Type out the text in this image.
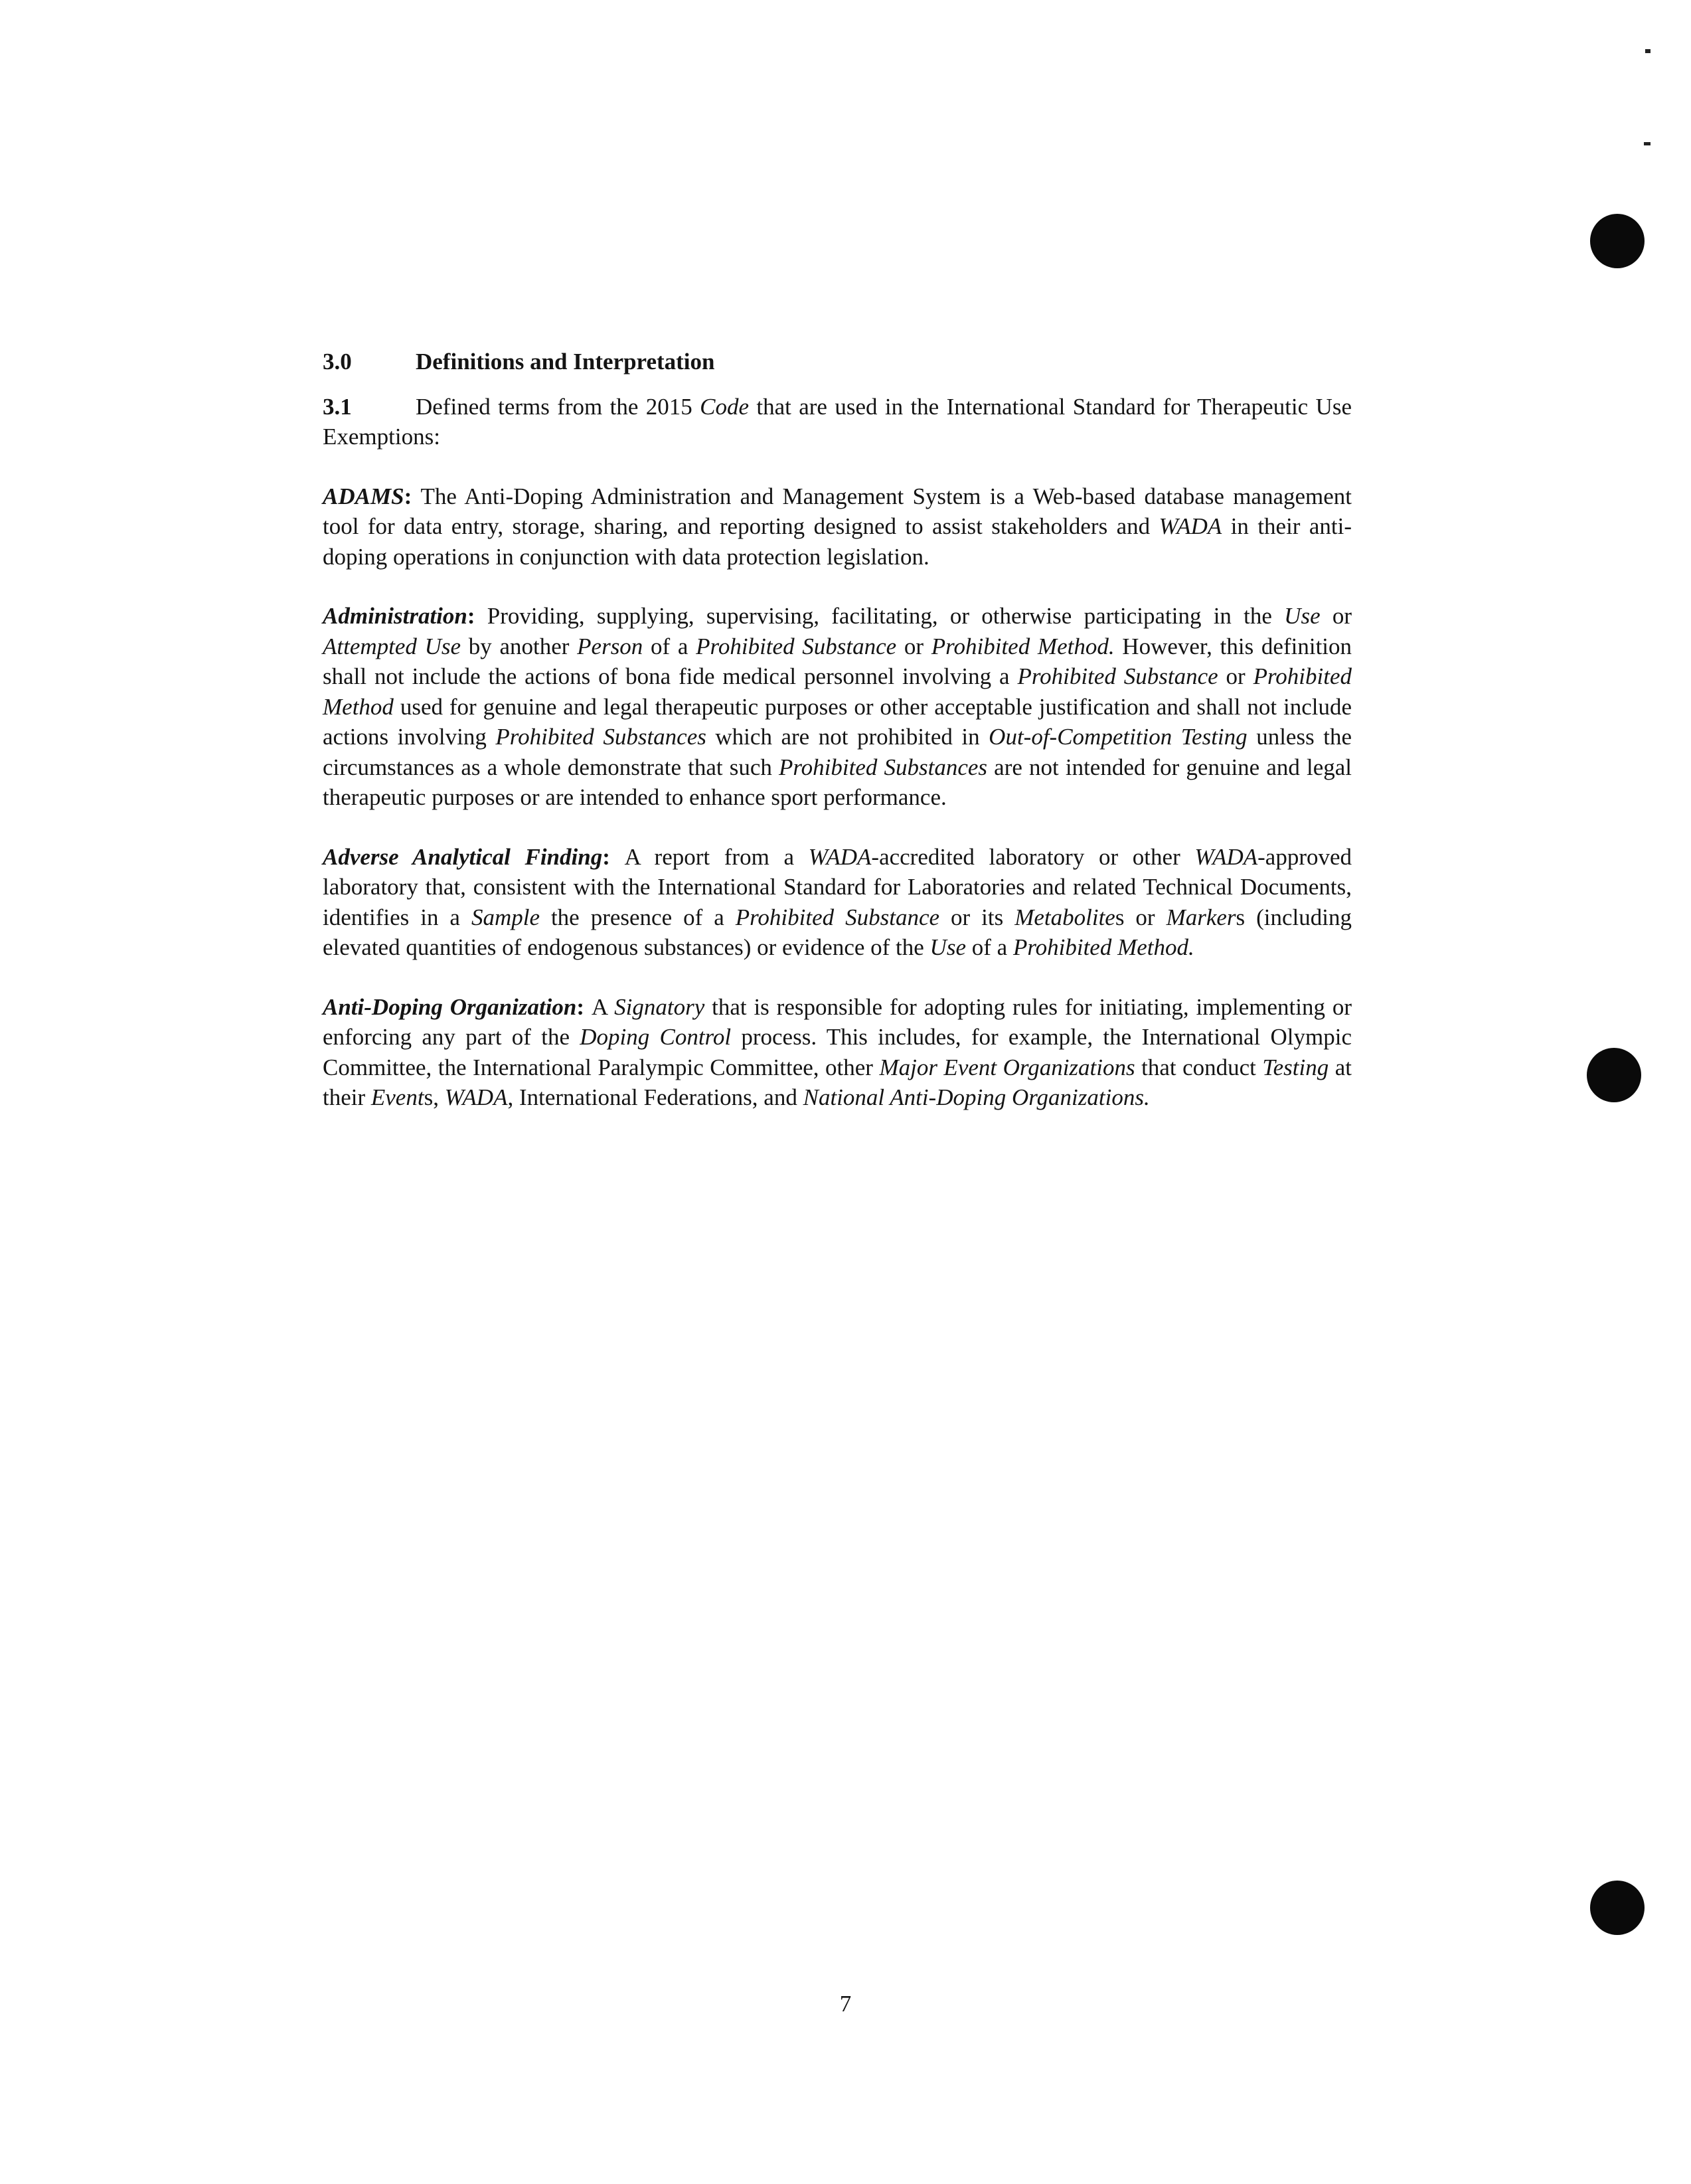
3.0	Definitions and Interpretation

3.1	Defined terms from the 2015 Code that are used in the International Standard for Therapeutic Use Exemptions:

ADAMS: The Anti-Doping Administration and Management System is a Web-based database management tool for data entry, storage, sharing, and reporting designed to assist stakeholders and WADA in their anti-doping operations in conjunction with data protection legislation.

Administration: Providing, supplying, supervising, facilitating, or otherwise participating in the Use or Attempted Use by another Person of a Prohibited Substance or Prohibited Method. However, this definition shall not include the actions of bona fide medical personnel involving a Prohibited Substance or Prohibited Method used for genuine and legal therapeutic purposes or other acceptable justification and shall not include actions involving Prohibited Substances which are not prohibited in Out-of-Competition Testing unless the circumstances as a whole demonstrate that such Prohibited Substances are not intended for genuine and legal therapeutic purposes or are intended to enhance sport performance.

Adverse Analytical Finding: A report from a WADA-accredited laboratory or other WADA-approved laboratory that, consistent with the International Standard for Laboratories and related Technical Documents, identifies in a Sample the presence of a Prohibited Substance or its Metabolites or Markers (including elevated quantities of endogenous substances) or evidence of the Use of a Prohibited Method.

Anti-Doping Organization: A Signatory that is responsible for adopting rules for initiating, implementing or enforcing any part of the Doping Control process. This includes, for example, the International Olympic Committee, the International Paralympic Committee, other Major Event Organizations that conduct Testing at their Events, WADA, International Federations, and National Anti-Doping Organizations.

7
